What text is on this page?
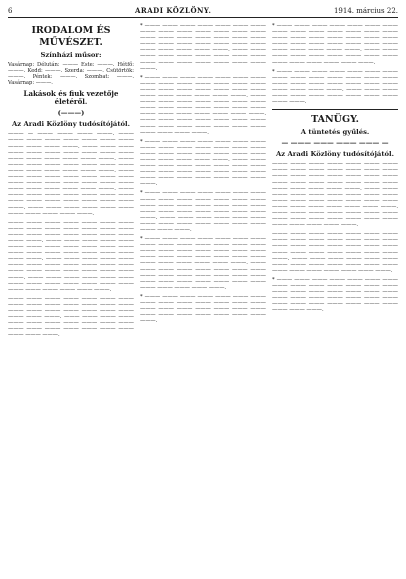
6	ARADI KÖZLÖNY.	1914. március 22.
IRODALOM ÉS MŰVÉSZET.
Színházi műsor:

Vasárnap: Délután: ——— Este: ———. Hétfő: ———. Kedd: ———. Szerda: ———. Csütörtök: ———. Péntek: ———. Szombat: ———. Vasárnap: ———.

Lakások és fiuk vezetője életéről.
(———)
Az Aradi Közlöny tudósítójától.

——— — ——— ——— ——— ———. ——— ——— ——— ——— ——— ——— ——— ——— ——— ——— ——— ———. ——— ——— ——— ——— ——— ——— ——— ——— ——— ——— ——— ——— ——— ——— ——— ———. ——— ——— ——— ——— ——— ——— ——— ——— ——— ——— ——— ——— ——— ———. ——— ——— ——— ——— ——— ——— ——— ——— ——— ——— ——— ——— ——— ——— ——— ——— ——— ——— ——— ——— ———. ——— ——— ——— ——— ——— ——— ——— ——— ——— ——— ——— ——— ——— ——— ——— ———. ——— ——— ——— ——— ——— ——— ——— ——— ——— ——— ———.

——— ——— ——— ——— ——— ——— ——— ——— ——— ——— ——— ——— ——— ——— ——— ——— ——— ——— ——— ——— ——— ——— ———. ——— ——— ——— ——— ——— ——— ——— ——— ——— ——— ——— ——— ——— ——— ——— ——— ——— ——— ——— ——— ———. ——— ——— ——— ——— ——— ——— ——— ——— ——— ——— ——— ——— ——— ——— ——— ——— ——— ——— ——— ———. ——— ——— ——— ——— ——— ——— ——— ——— ——— ——— ——— ——— ——— ——— ——— ——— ——— ——— ———.

——— ——— ——— ——— ——— ——— ——— ——— ——— ——— ——— ——— ——— ——— ——— ——— ——— ——— ——— ——— ——— ——— ——— ———. ——— ——— ——— ——— ——— ——— ——— ——— ——— ——— ——— ——— ——— ——— ——— ——— ——— ——— ——— ——— ———.

* ——— ——— ——— ——— ——— ——— ——— ——— ——— ——— ——— ——— ——— ——— ——— ——— ——— ——— ——— ——— ——— ——— ——— ——— ——— ——— ——— ——— ——— ——— ——— ——— ———. ——— ——— ——— ——— ——— ——— ——— ——— ——— ——— ——— ——— ——— ——— ——— ——— ———.

* ——— ——— ——— ——— ——— ——— ——— ——— ——— ——— ——— ——— ——— ——— ——— ——— ——— ——— ——— ——— ——— ——— ——— ——— ——— ——— ———. ——— ——— ——— ——— ——— ——— ——— ——— ——— ——— ——— ——— ——— ——— ——— ——— ——— ——— ——— ——— ——— ———. ——— ——— ——— ——— ——— ——— ——— ——— ——— ——— ——— ——— ——— ——— ——— ——— ——— ———.

* ——— ——— ——— ——— ——— ——— ——— ——— ——— ——— ——— ——— ——— ——— ——— ——— ——— ——— ——— ——— ——— ——— ——— ——— ——— ———. ——— ——— ——— ——— ——— ——— ——— ——— ——— ——— ——— ——— ——— ——— ——— ——— ——— ——— ——— ——— ——— ——— ——— ———.

* ——— ——— ——— ——— ——— ——— ——— ——— ——— ——— ——— ——— ——— ——— ——— ——— ——— ——— ——— ——— ——— ——— ——— ——— ——— ——— ——— ——— ———. ——— ——— ——— ——— ——— ——— ——— ——— ——— ——— ——— ——— ——— ——— ——— ———.

* ——— ——— ——— ——— ——— ——— ——— ——— ——— ——— ——— ——— ——— ——— ——— ——— ——— ——— ——— ——— ——— ——— ——— ——— ——— ——— ——— ——— ——— ——— ——— ——— ——— ———. ——— ——— ——— ——— ——— ——— ——— ——— ——— ——— ——— ——— ——— ——— ——— ——— ——— ——— ——— ——— ——— ——— ——— ——— ——— ——— ———.

* ——— ——— ——— ——— ——— ——— ——— ——— ——— ——— ——— ——— ——— ——— ——— ——— ——— ——— ——— ——— ——— ——— ——— ——— ——— ——— ——— ——— ———.

* ——— ——— ——— ——— ——— ——— ——— ——— ——— ——— ——— ——— ——— ——— ——— ——— ——— ——— ——— ——— ——— ——— ——— ——— ——— ——— ——— ——— ——— ——— ——— ——— ———. ——— ——— ——— ——— ——— ——— ——— ——— ——— ——— ——— ——— ——— ——— ———.

* ——— ——— ——— ——— ——— ——— ——— ——— ——— ——— ——— ——— ——— ——— ——— ——— ——— ——— ——— ——— ——— ——— ——— ——— ———. ——— ——— ——— ——— ——— ——— ——— ——— ——— ——— ——— ———.

TANÜGY.
A tüntetés gyűlés.
— ——— ——— ——— ——— —
Az Aradi Közlöny tudósítójától.

——— ——— ——— ——— ——— ——— ——— ——— ——— ——— ——— ——— ——— ——— ——— ——— ——— ——— ——— ——— ——— ——— ——— ——— ——— ——— ——— ——— ——— ——— ——— ——— ———. ——— ——— ——— ——— ——— ——— ——— ——— ——— ——— ——— ——— ——— ——— ——— ——— ——— ——— ——— ——— ——— ——— ———. ——— ——— ——— ——— ——— ——— ——— ——— ——— ——— ——— ——— ——— ——— ——— ——— ——— ——— ———.

——— ——— ——— ——— ——— ——— ——— ——— ——— ——— ——— ——— ——— ——— ——— ——— ——— ——— ——— ——— ——— ——— ——— ——— ——— ——— ——— ——— ———. ——— ——— ——— ——— ——— ——— ——— ——— ——— ——— ——— ——— ——— ——— ——— ——— ——— ——— ——— ———.

* ——— ——— ——— ——— ——— ——— ——— ——— ——— ——— ——— ——— ——— ——— ——— ——— ——— ——— ——— ——— ——— ——— ——— ——— ——— ——— ——— ——— ——— ——— ——— ——— ——— ——— ——— ——— ——— ———.
